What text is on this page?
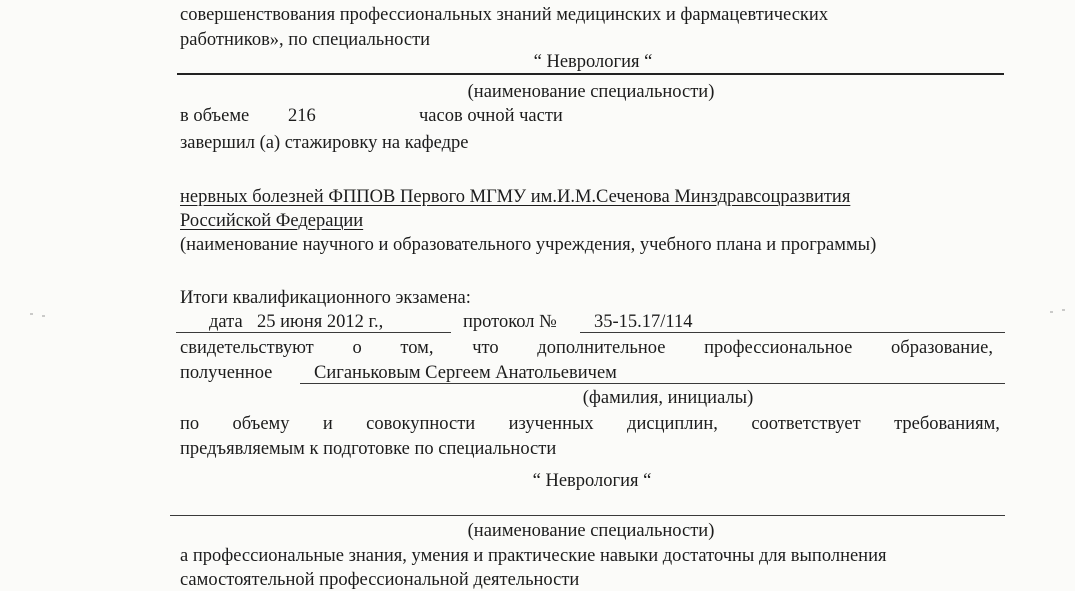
совершенствования профессиональных знаний медицинских и фармацевтических
работников», по специальности
“ Неврология “
(наименование специальности)
в объеме 216	часов очной части
завершил (а) стажировку на кафедре
нервных болезней ФППОВ Первого МГМУ им.И.М.Сеченова Минздравсоцразвития
Российской Федерации
(наименование научного и образовательного учреждения, учебного плана и программы)
Итоги квалификационного экзамена:
дата 25 июня 2012 г.,	протокол № 35-15.17/114
свидетельствуют о том, что дополнительное профессиональное образование,
полученное Сиганьковым Сергеем Анатольевичем
(фамилия, инициалы)
по объему и совокупности изученных дисциплин, соответствует требованиям,
предъявляемым к подготовке по специальности
“ Неврология “
(наименование специальности)
а профессиональные знания, умения и практические навыки достаточны для выполнения
самостоятельной профессиональной деятельности
